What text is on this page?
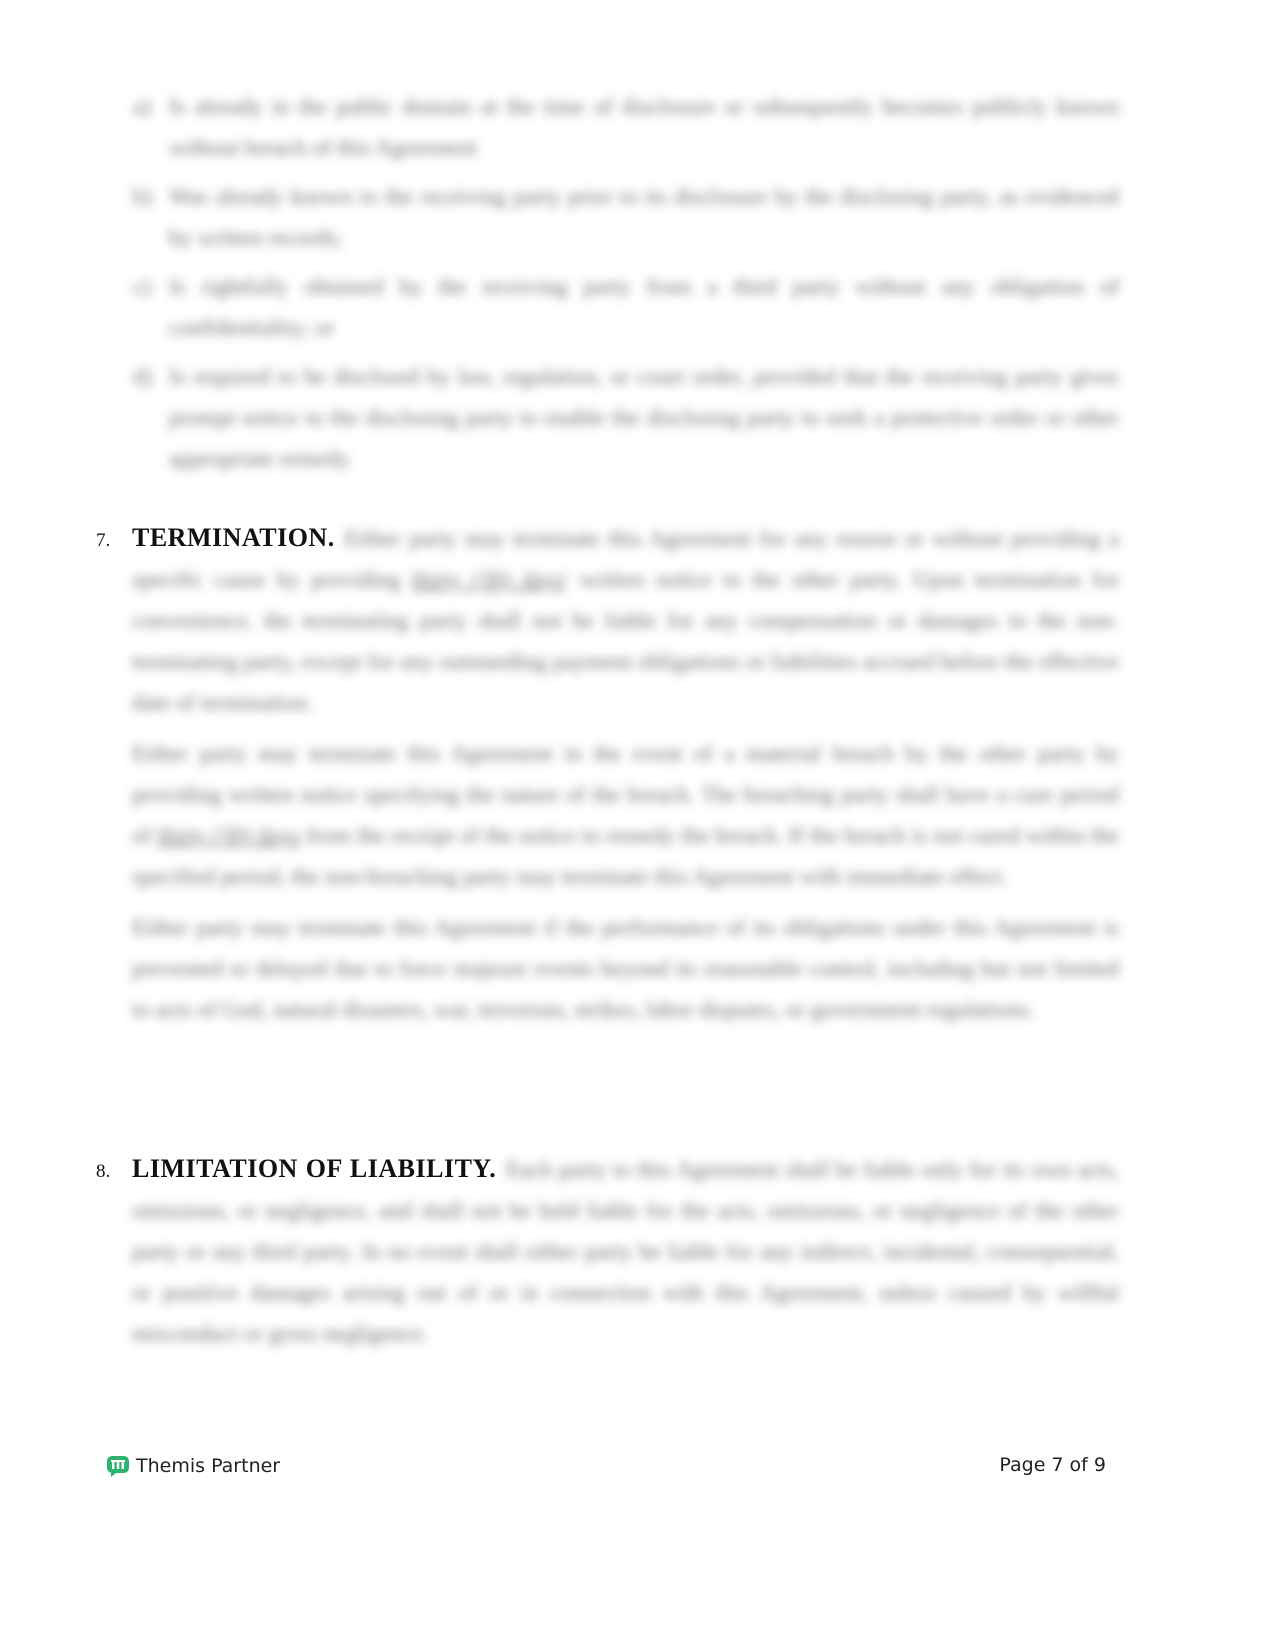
a) Is already in the public domain at the time of disclosure or subsequently becomes publicly known without breach of this Agreement
b) Was already known to the receiving party prior to its disclosure by the disclosing party, as evidenced by written records;
c) Is rightfully obtained by the receiving party from a third party without any obligation of confidentiality; or
d) Is required to be disclosed by law, regulation, or court order, provided that the receiving party gives prompt notice to the disclosing party to enable the disclosing party to seek a protective order or other appropriate remedy.
7. TERMINATION. Either party may terminate this Agreement for any reason or without providing a specific cause by providing thirty (30) days' written notice to the other party. Upon termination for convenience, the terminating party shall not be liable for any compensation or damages to the non-terminating party, except for any outstanding payment obligations or liabilities accrued before the effective date of termination.
Either party may terminate this Agreement in the event of a material breach by the other party by providing written notice specifying the nature of the breach. The breaching party shall have a cure period of thirty (30) days from the receipt of the notice to remedy the breach. If the breach is not cured within the specified period, the non-breaching party may terminate this Agreement with immediate effect.
Either party may terminate this Agreement if the performance of its obligations under this Agreement is prevented or delayed due to force majeure events beyond its reasonable control, including but not limited to acts of God, natural disasters, war, terrorism, strikes, labor disputes, or government regulations.
8. LIMITATION OF LIABILITY. Each party to this Agreement shall be liable only for its own acts, omissions, or negligence, and shall not be held liable for the acts, omissions, or negligence of the other party or any third party. In no event shall either party be liable for any indirect, incidental, consequential, or punitive damages arising out of or in connection with this Agreement, unless caused by willful misconduct or gross negligence.
Themis Partner	Page 7 of 9
